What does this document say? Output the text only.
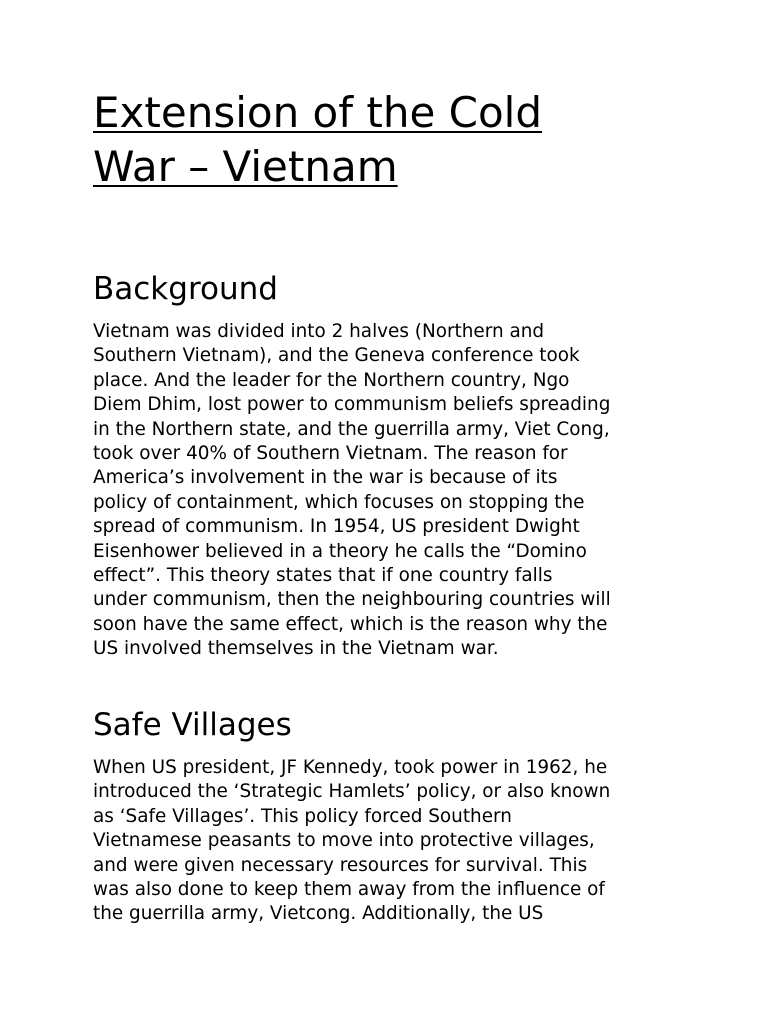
Extension of the Cold
War – Vietnam
Background

Vietnam was divided into 2 halves (Northern and
Southern Vietnam), and the Geneva conference took
place. And the leader for the Northern country, Ngo
Diem Dhim, lost power to communism beliefs spreading
in the Northern state, and the guerrilla army, Viet Cong,
took over 40% of Southern Vietnam. The reason for
America’s involvement in the war is because of its
policy of containment, which focuses on stopping the
spread of communism. In 1954, US president Dwight
Eisenhower believed in a theory he calls the “Domino
effect”. This theory states that if one country falls
under communism, then the neighbouring countries will
soon have the same effect, which is the reason why the
US involved themselves in the Vietnam war.

Safe Villages

When US president, JF Kennedy, took power in 1962, he
introduced the ‘Strategic Hamlets’ policy, or also known
as ‘Safe Villages’. This policy forced Southern
Vietnamese peasants to move into protective villages,
and were given necessary resources for survival. This
was also done to keep them away from the influence of
the guerrilla army, Vietcong. Additionally, the US
